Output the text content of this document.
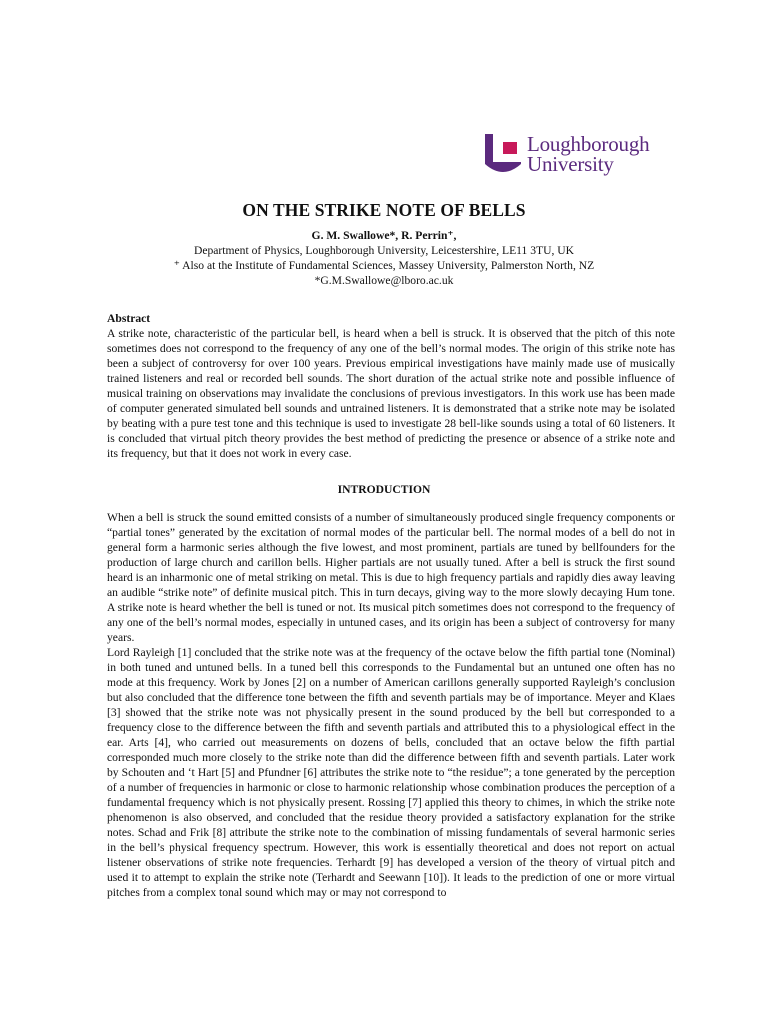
Loughborough
University
ON THE STRIKE NOTE OF BELLS
G. M. Swallowe*, R. Perrin⁺,
Department of Physics, Loughborough University, Leicestershire, LE11 3TU, UK
⁺ Also at the Institute of Fundamental Sciences, Massey University, Palmerston North, NZ
*G.M.Swallowe@lboro.ac.uk
Abstract

A strike note, characteristic of the particular bell, is heard when a bell is struck. It is observed that the pitch of this note sometimes does not correspond to the frequency of any one of the bell’s normal modes. The origin of this strike note has been a subject of controversy for over 100 years. Previous empirical investigations have mainly made use of musically trained listeners and real or recorded bell sounds. The short duration of the actual strike note and possible influence of musical training on observations may invalidate the conclusions of previous investigators. In this work use has been made of computer generated simulated bell sounds and untrained listeners. It is demonstrated that a strike note may be isolated by beating with a pure test tone and this technique is used to investigate 28 bell-like sounds using a total of 60 listeners. It is concluded that virtual pitch theory provides the best method of predicting the presence or absence of a strike note and its frequency, but that it does not work in every case.

INTRODUCTION

When a bell is struck the sound emitted consists of a number of simultaneously produced single frequency components or “partial tones” generated by the excitation of normal modes of the particular bell. The normal modes of a bell do not in general form a harmonic series although the five lowest, and most prominent, partials are tuned by bellfounders for the production of large church and carillon bells. Higher partials are not usually tuned. After a bell is struck the first sound heard is an inharmonic one of metal striking on metal. This is due to high frequency partials and rapidly dies away leaving an audible “strike note” of definite musical pitch. This in turn decays, giving way to the more slowly decaying Hum tone. A strike note is heard whether the bell is tuned or not. Its musical pitch sometimes does not correspond to the frequency of any one of the bell’s normal modes, especially in untuned cases, and its origin has been a subject of controversy for many years.

Lord Rayleigh [1] concluded that the strike note was at the frequency of the octave below the fifth partial tone (Nominal) in both tuned and untuned bells. In a tuned bell this corresponds to the Fundamental but an untuned one often has no mode at this frequency. Work by Jones [2] on a number of American carillons generally supported Rayleigh’s conclusion but also concluded that the difference tone between the fifth and seventh partials may be of importance. Meyer and Klaes [3] showed that the strike note was not physically present in the sound produced by the bell but corresponded to a frequency close to the difference between the fifth and seventh partials and attributed this to a physiological effect in the ear. Arts [4], who carried out measurements on dozens of bells, concluded that an octave below the fifth partial corresponded much more closely to the strike note than did the difference between fifth and seventh partials. Later work by Schouten and ‘t Hart [5] and Pfundner [6] attributes the strike note to “the residue”; a tone generated by the perception of a number of frequencies in harmonic or close to harmonic relationship whose combination produces the perception of a fundamental frequency which is not physically present. Rossing [7] applied this theory to chimes, in which the strike note phenomenon is also observed, and concluded that the residue theory provided a satisfactory explanation for the strike notes. Schad and Frik [8] attribute the strike note to the combination of missing fundamentals of several harmonic series in the bell’s physical frequency spectrum. However, this work is essentially theoretical and does not report on actual listener observations of strike note frequencies. Terhardt [9] has developed a version of the theory of virtual pitch and used it to attempt to explain the strike note (Terhardt and Seewann [10]). It leads to the prediction of one or more virtual pitches from a complex tonal sound which may or may not correspond to
